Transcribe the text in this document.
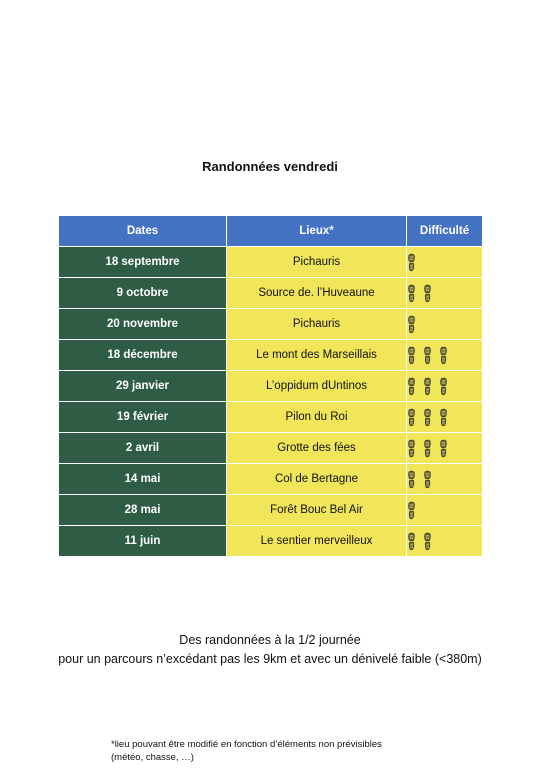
Randonnées vendredi
Dates	Lieux*	Difficulté
18 septembre	Pichauris	

9 octobre	Source de. l’Huveaune	

20 novembre	Pichauris	

18 décembre	Le mont des Marseillais	

29 janvier	L’oppidum dUntinos	

19 février	Pilon du Roi	

2 avril	Grotte des fées	

14 mai	Col de Bertagne	

28 mai	Forêt Bouc Bel Air	

11 juin	Le sentier merveilleux	
Des randonnées à la 1/2 journée
pour un parcours n’excédant pas les 9km et avec un dénivelé faible (<380m)
*lieu pouvant être modifié en fonction d’éléments non prévisibles
(météo, chasse, …)
